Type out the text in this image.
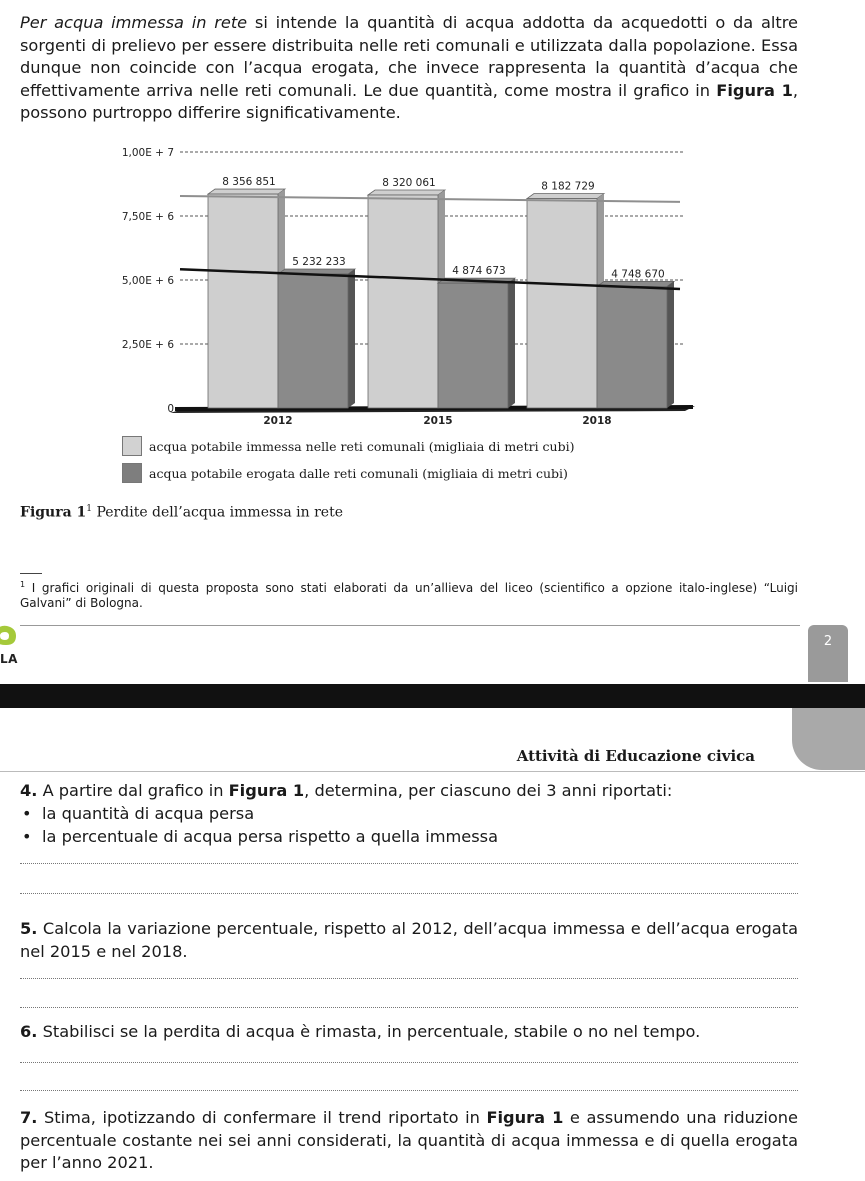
Per acqua immessa in rete si intende la quantità di acqua addotta da acquedotti o da altre sorgenti di prelievo per essere distribuita nelle reti comunali e utilizzata dalla popolazione. Essa dunque non coincide con l’acqua erogata, che invece rappresenta la quantità d’acqua che effettivamente arriva nelle reti comunali. Le due quantità, come mostra il grafico in Figura 1, possono purtroppo differire significativamente.

0
2,50E + 6
5,00E + 6
7,50E + 6
1,00E + 7
8 356 851
5 232 233
2012
8 320 061
4 874 673
2015
8 182 729
4 748 670
2018
acqua potabile immessa nelle reti comunali (migliaia di metri cubi)
acqua potabile erogata dalle reti comunali (migliaia di metri cubi)
Figura $1^1$ Perdite dell’acqua immessa in rete

$^1$ I grafici originali di questa proposta sono stati elaborati da un’allieva del liceo (scientifico a opzione italo-inglese) “Luigi Galvani” di Bologna.

LA
2
Attività di Educazione civica

4. A partire dal grafico in Figura 1, determina, per ciascuno dei 3 anni riportati:

• la quantità di acqua persa
• la percentuale di acqua persa rispetto a quella immessa

5. Calcola la variazione percentuale, rispetto al 2012, dell’acqua immessa e dell’acqua erogata nel 2015 e nel 2018.

6. Stabilisci se la perdita di acqua è rimasta, in percentuale, stabile o no nel tempo.

7. Stima, ipotizzando di confermare il trend riportato in Figura 1 e assumendo una riduzione percentuale costante nei sei anni considerati, la quantità di acqua immessa e di quella erogata per l’anno 2021.
